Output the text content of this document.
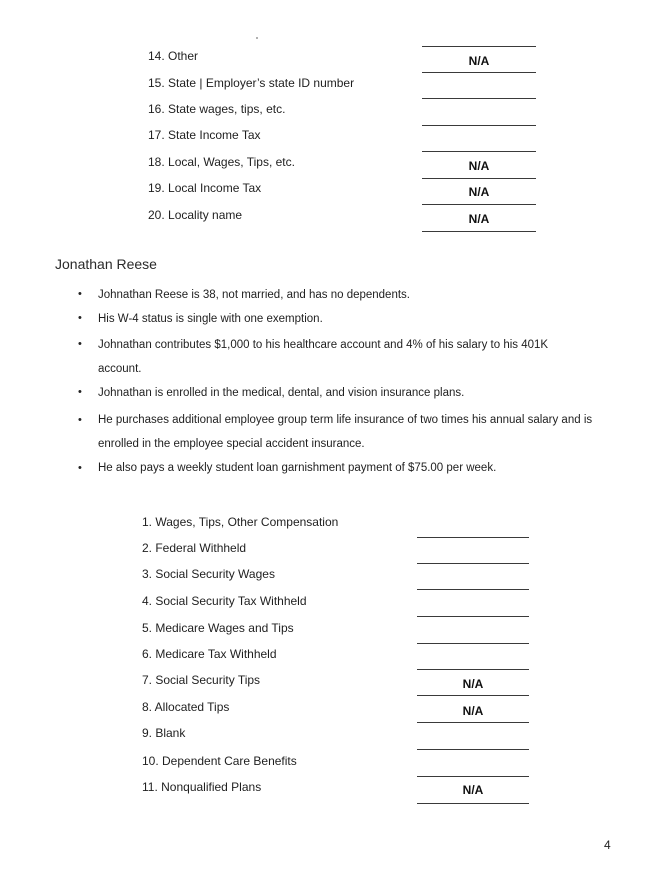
14. Other
15. State | Employer’s state ID number
16. State wages, tips, etc.
17. State Income Tax
18. Local, Wages, Tips, etc.
19. Local Income Tax
20. Locality name
N/A
N/A
N/A
N/A
Jonathan Reese
• Johnathan Reese is 38, not married, and has no dependents.
• His W-4 status is single with one exemption.
• Johnathan contributes $1,000 to his healthcare account and 4% of his salary to his 401K account.
• Johnathan is enrolled in the medical, dental, and vision insurance plans.
• He purchases additional employee group term life insurance of two times his annual salary and is enrolled in the employee special accident insurance.
• He also pays a weekly student loan garnishment payment of $75.00 per week.
1. Wages, Tips, Other Compensation
2. Federal Withheld
3. Social Security Wages
4. Social Security Tax Withheld
5. Medicare Wages and Tips
6. Medicare Tax Withheld
7. Social Security Tips
8. Allocated Tips
9. Blank
10. Dependent Care Benefits
11. Nonqualified Plans
N/A
N/A
N/A
4
